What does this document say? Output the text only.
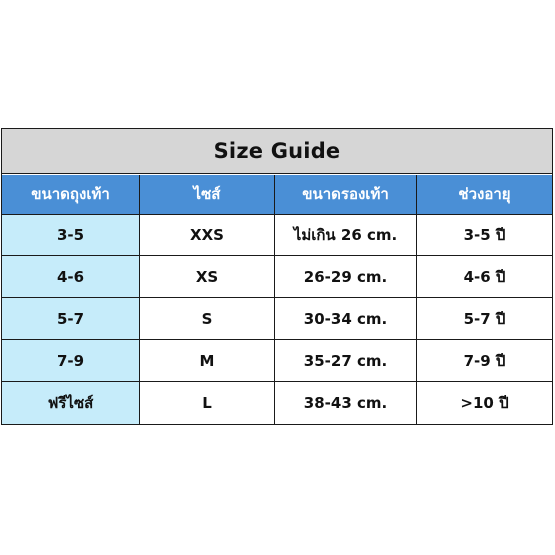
Size Guide
ขนาดถุงเท้า	ไซส์	ขนาดรองเท้า	ช่วงอายุ
3-5	XXS	ไม่เกิน 26 cm.	3-5 ปี
4-6	XS	26-29 cm.	4-6 ปี
5-7	S	30-34 cm.	5-7 ปี
7-9	M	35-27 cm.	7-9 ปี
ฟรีไซส์	L	38-43 cm.	>10 ปี
